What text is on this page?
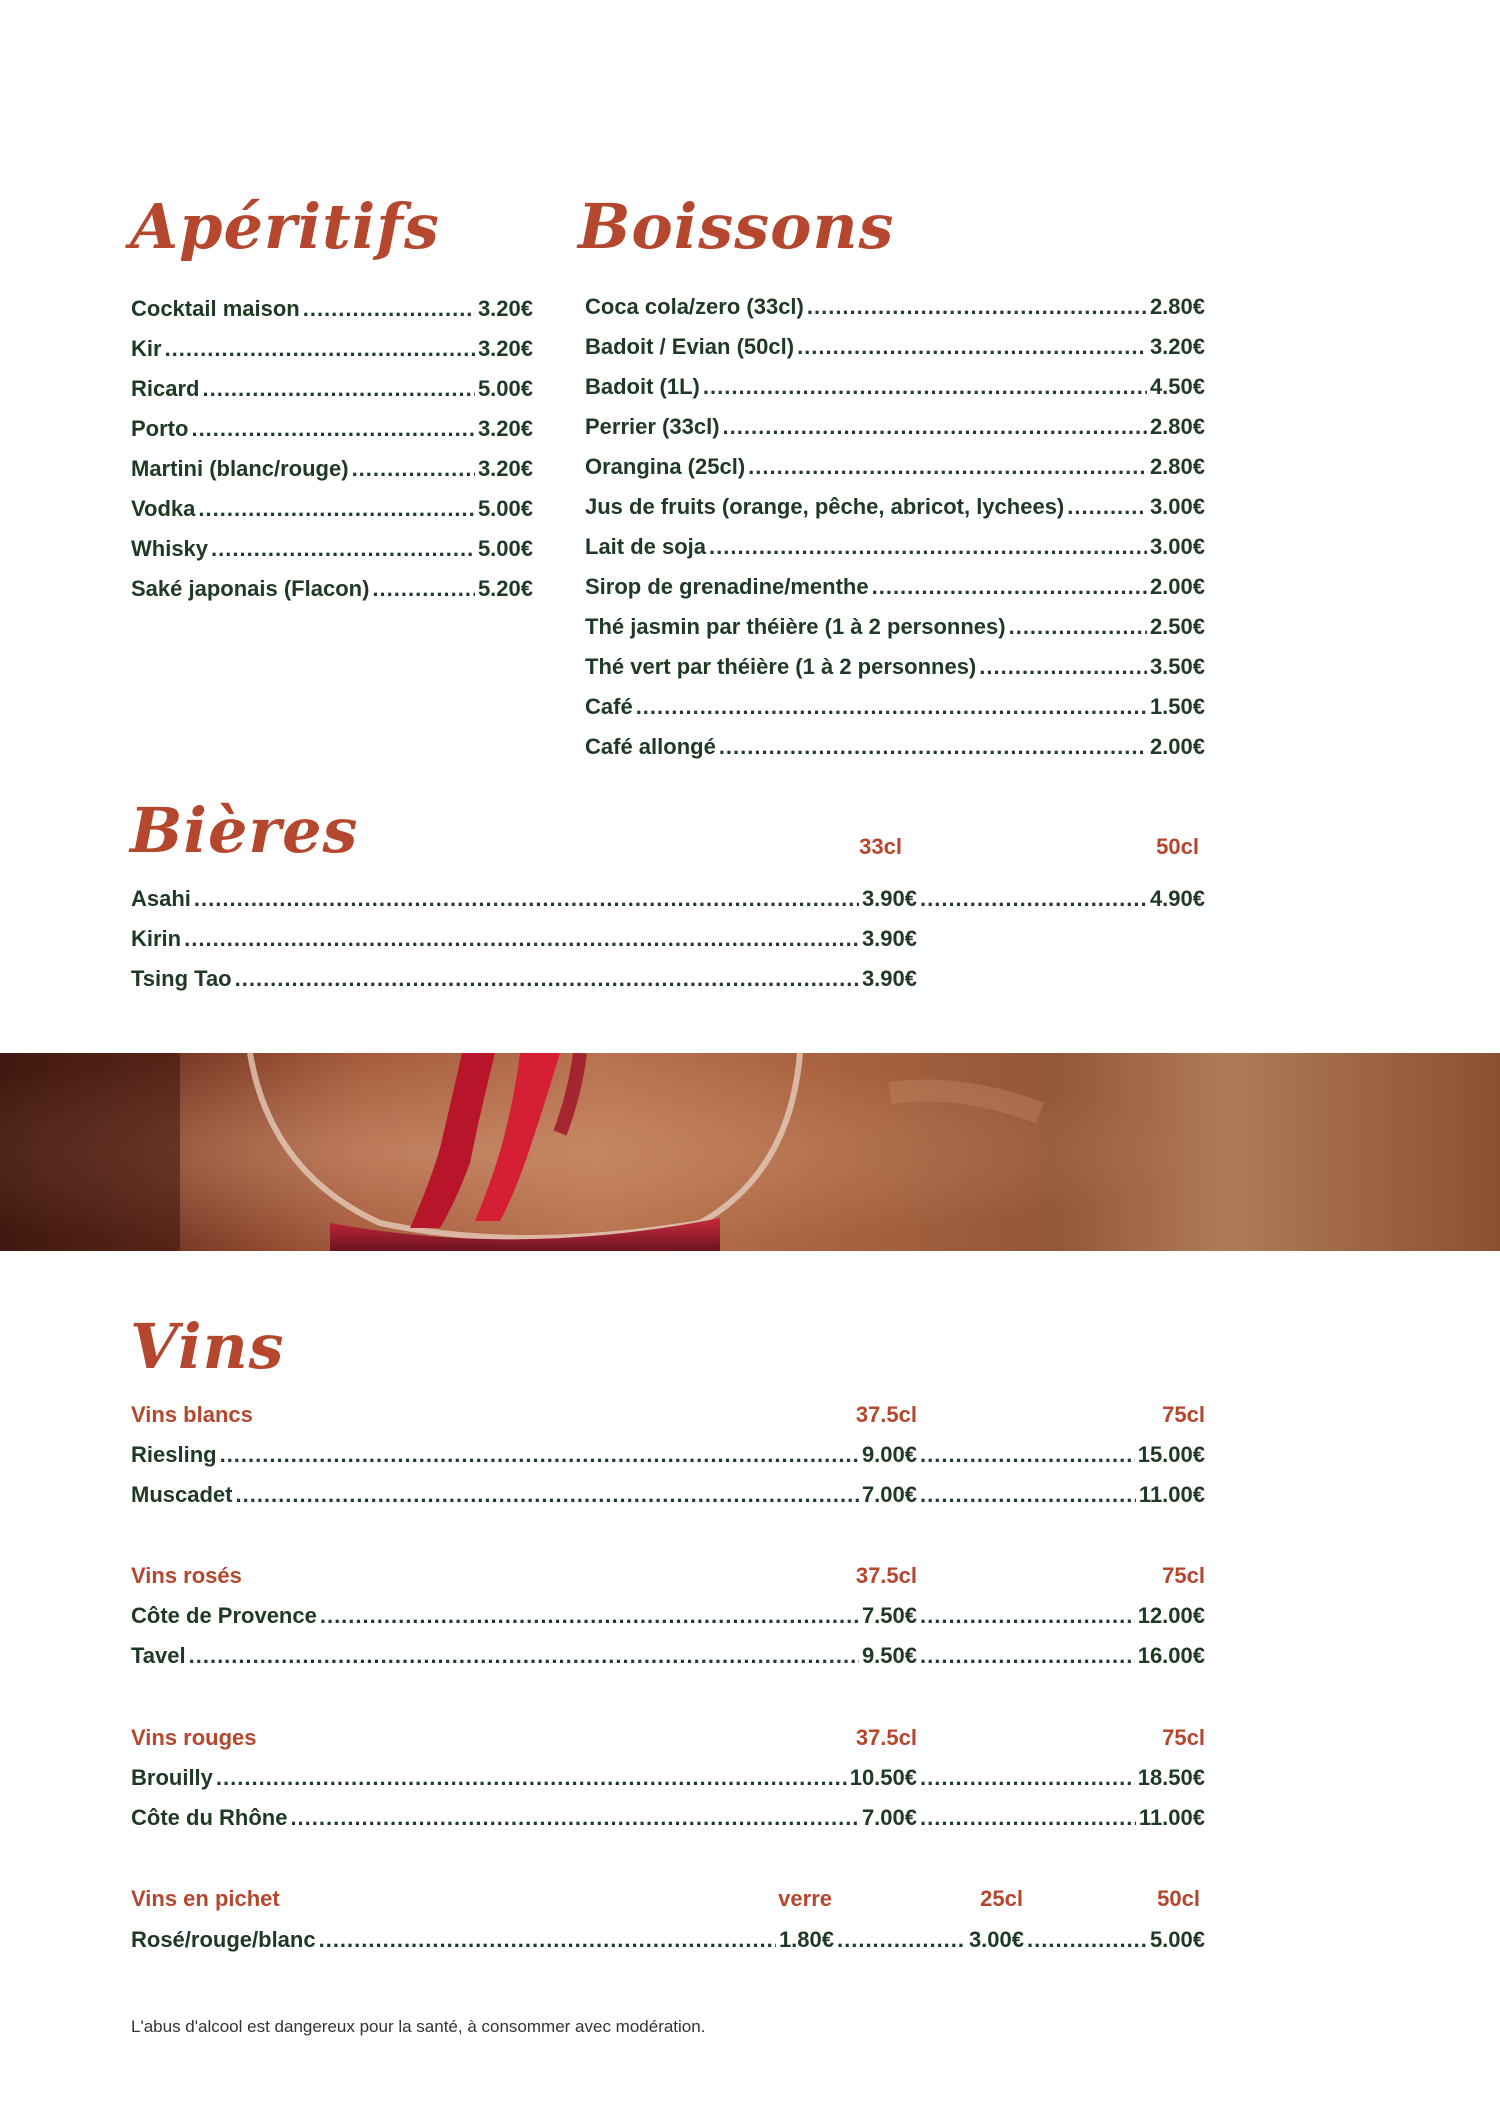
Apéritifs
Cocktail maison .....	3.20€
Kir .....	3.20€
Ricard .....	5.00€
Porto .....	3.20€
Martini (blanc/rouge) .....	3.20€
Vodka .....	5.00€
Whisky .....	5.00€
Saké japonais (Flacon) .....	5.20€
Boissons
Coca cola/zero (33cl) .....	2.80€
Badoit / Evian (50cl) .....	3.20€
Badoit (1L) .....	4.50€
Perrier (33cl) .....	2.80€
Orangina (25cl) .....	2.80€
Jus de fruits (orange, pêche, abricot, lychees) .....	3.00€
Lait de soja .....	3.00€
Sirop de grenadine/menthe .....	2.00€
Thé jasmin par théière (1 à 2 personnes) .....	2.50€
Thé vert par théière (1 à 2 personnes) .....	3.50€
Café .....	1.50€
Café allongé .....	2.00€
Bières	33cl	50cl
Asahi .....	3.90€ .....	4.90€
Kirin .....	3.90€
Tsing Tao .....	3.90€
Vins
Vins blancs	37.5cl	75cl
Riesling .....	9.00€ .....	15.00€
Muscadet .....	7.00€ .....	11.00€
Vins rosés	37.5cl	75cl
Côte de Provence .....	7.50€ .....	12.00€
Tavel .....	9.50€ .....	16.00€
Vins rouges	37.5cl	75cl
Brouilly .....	10.50€ .....	18.50€
Côte du Rhône .....	7.00€ .....	11.00€
Vins en pichet	verre	25cl	50cl
Rosé/rouge/blanc .....	1.80€ .....	3.00€ .....	5.00€
L'abus d'alcool est dangereux pour la santé, à consommer avec modération.
